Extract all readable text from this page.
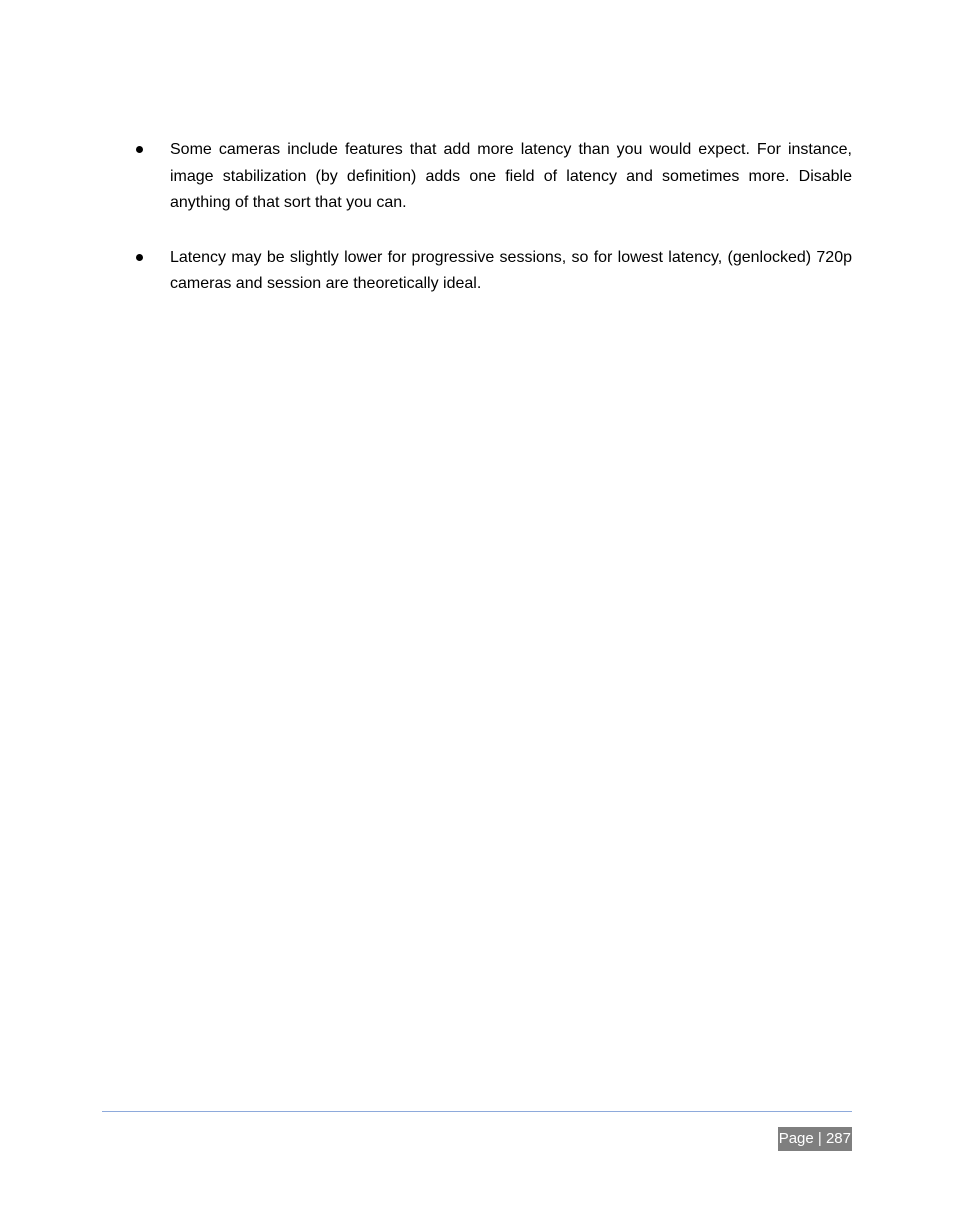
Some cameras include features that add more latency than you would expect. For instance, image stabilization (by definition) adds one field of latency and sometimes more. Disable anything of that sort that you can.
Latency may be slightly lower for progressive sessions, so for lowest latency, (genlocked) 720p cameras and session are theoretically ideal.
Page | 287
